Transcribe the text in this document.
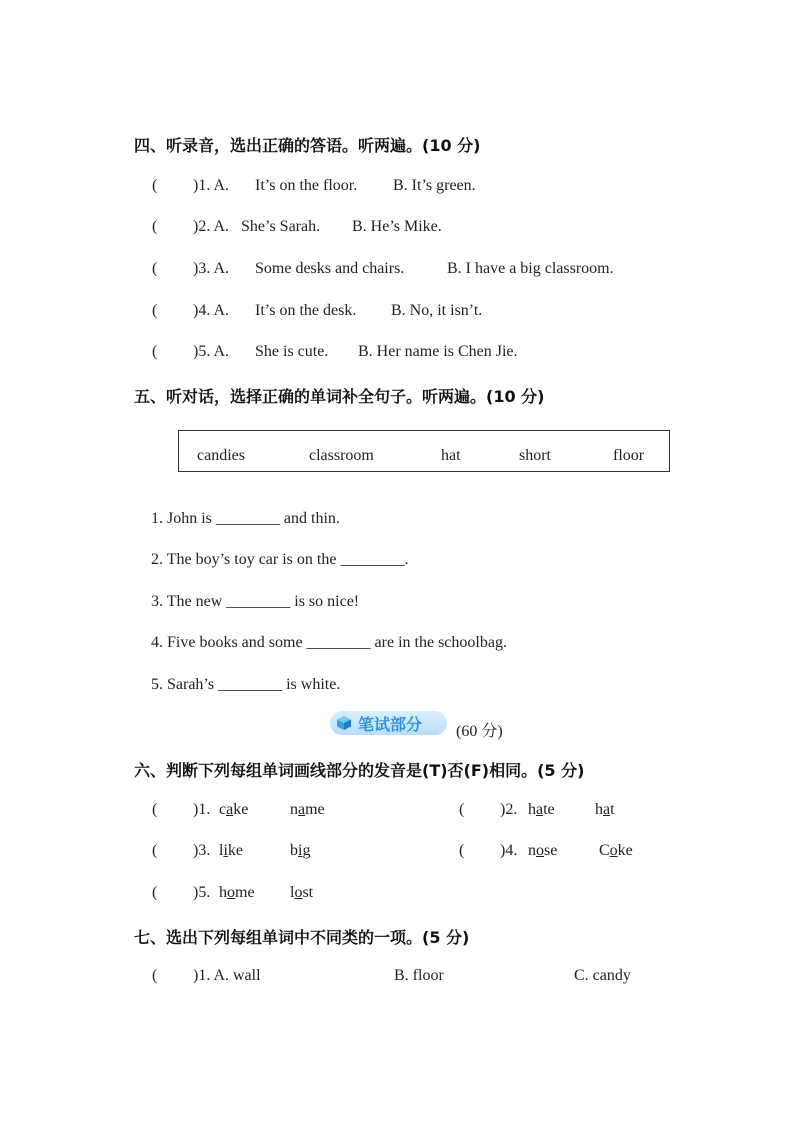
四、听录音，选出正确的答语。听两遍。(10 分)
( )1. A. It’s on the floor. B. It’s green.
( )2. A. She’s Sarah. B. He’s Mike.
( )3. A. Some desks and chairs.	B. I have a big classroom.
( )4. A. It’s on the desk. B. No, it isn’t.
( )5. A. She is cute. B. Her name is Chen Jie.
五、听对话，选择正确的单词补全句子。听两遍。(10 分)
candies	classroom	hat	short	floor
1. John is ________ and thin.
2. The boy’s toy car is on the ________.
3. The new ________ is so nice!
4. Five books and some ________ are in the schoolbag.
5. Sarah’s ________ is white.
笔试部分 (60 分)
六、判断下列每组单词画线部分的发音是(T)否(F)相同。(5 分)
( )1. cake	name	( )2. hate	hat
( )3. like	big	( )4. nose	Coke
( )5. home lost
七、选出下列每组单词中不同类的一项。(5 分)
( )1. A. wall	B. floor	C. candy
